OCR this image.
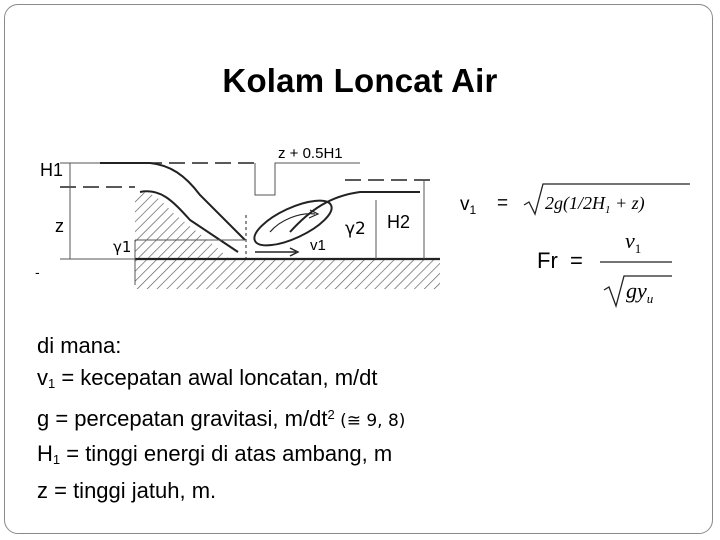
Kolam Loncat Air
H1
z
γ1
z + 0.5H1
v1
γ2 H2
-
$v_1 = 2g(1/2H_1 + z)$
Fr =
$v_1$
$gy_u$
di mana:
$v_1$ = kecepatan awal loncatan, m/dt
g = percepatan gravitasi, $m/dt^2$ (≅ 9, 8)
$H_1$ = tinggi energi di atas ambang, m
z = tinggi jatuh, m.
